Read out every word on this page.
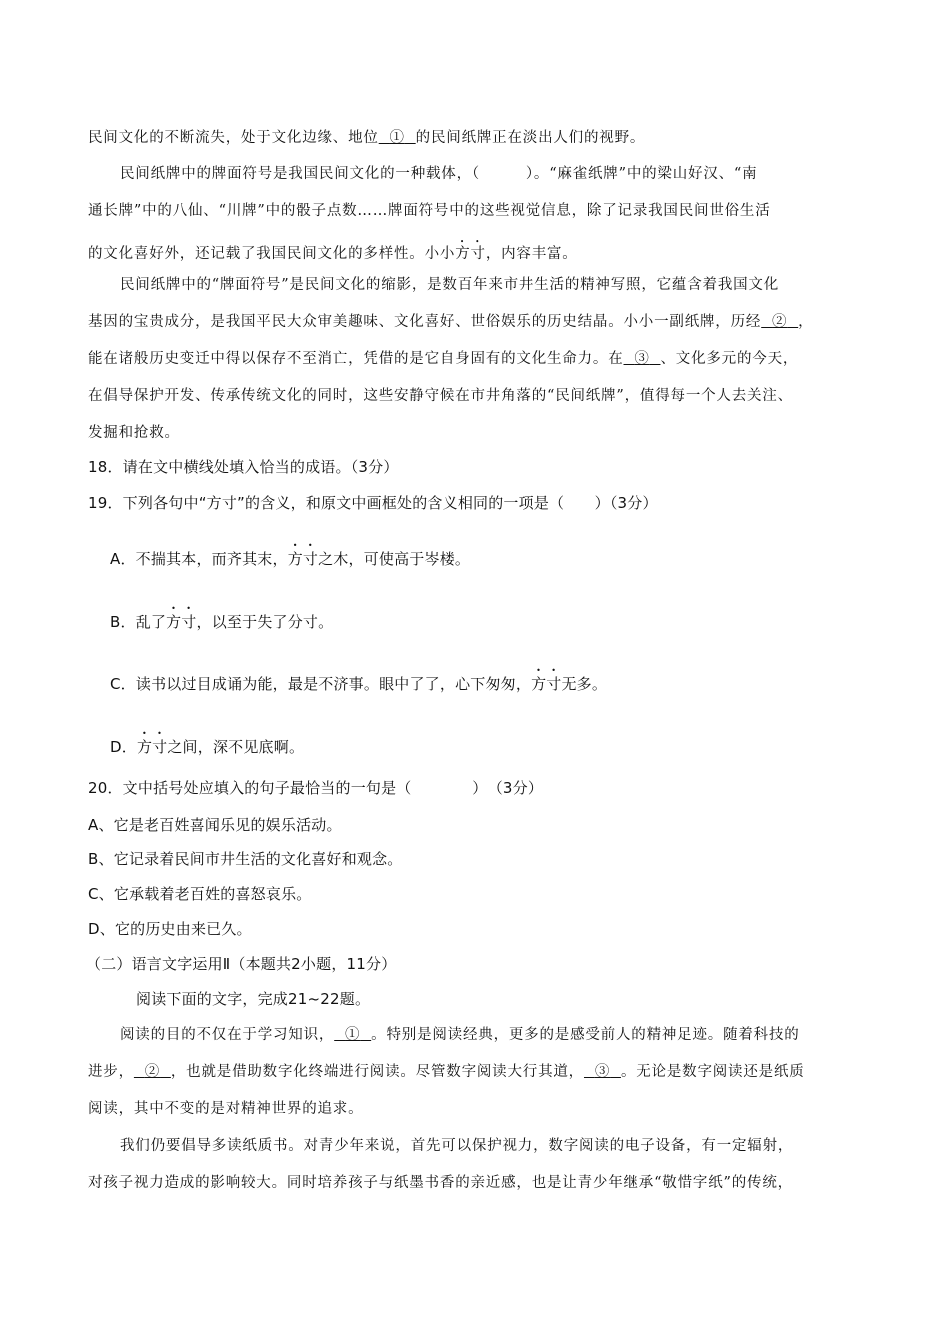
民间文化的不断流失，处于文化边缘、地位 ① 的民间纸牌正在淡出人们的视野。
民间纸牌中的牌面符号是我国民间文化的一种载体，（　　　）。“麻雀纸牌”中的梁山好汉、“南
通长牌”中的八仙、“川牌”中的骰子点数……牌面符号中的这些视觉信息，除了记录我国民间世俗生活
的文化喜好外，还记载了我国民间文化的多样性。小小方寸，内容丰富。
民间纸牌中的“牌面符号”是民间文化的缩影，是数百年来市井生活的精神写照，它蕴含着我国文化
基因的宝贵成分，是我国平民大众审美趣味、文化喜好、世俗娱乐的历史结晶。小小一副纸牌，历经 ② ，
能在诸般历史变迁中得以保存不至消亡，凭借的是它自身固有的文化生命力。在 ③ 、文化多元的今天，
在倡导保护开发、传承传统文化的同时，这些安静守候在市井角落的“民间纸牌”，值得每一个人去关注、
发掘和抢救。
18．请在文中横线处填入恰当的成语。（3分）
19．下列各句中“方寸”的含义，和原文中画框处的含义相同的一项是（　　）（3分）
A．不揣其本，而齐其末，方寸之木，可使高于岑楼。
B．乱了方寸，以至于失了分寸。
C．读书以过目成诵为能，最是不济事。眼中了了，心下匆匆，方寸无多。
D．方寸之间，深不见底啊。
20．文中括号处应填入的句子最恰当的一句是（　　　　）　（3分）
A、它是老百姓喜闻乐见的娱乐活动。
B、它记录着民间市井生活的文化喜好和观念。
C、它承载着老百姓的喜怒哀乐。
D、它的历史由来已久。
（二）语言文字运用Ⅱ（本题共2小题，11分）
阅读下面的文字，完成21~22题。
阅读的目的不仅在于学习知识， ① 。特别是阅读经典，更多的是感受前人的精神足迹。随着科技的
进步， ② ，也就是借助数字化终端进行阅读。尽管数字阅读大行其道， ③ 。无论是数字阅读还是纸质
阅读，其中不变的是对精神世界的追求。
我们仍要倡导多读纸质书。对青少年来说，首先可以保护视力，数字阅读的电子设备，有一定辐射，
对孩子视力造成的影响较大。同时培养孩子与纸墨书香的亲近感，也是让青少年继承“敬惜字纸”的传统，
